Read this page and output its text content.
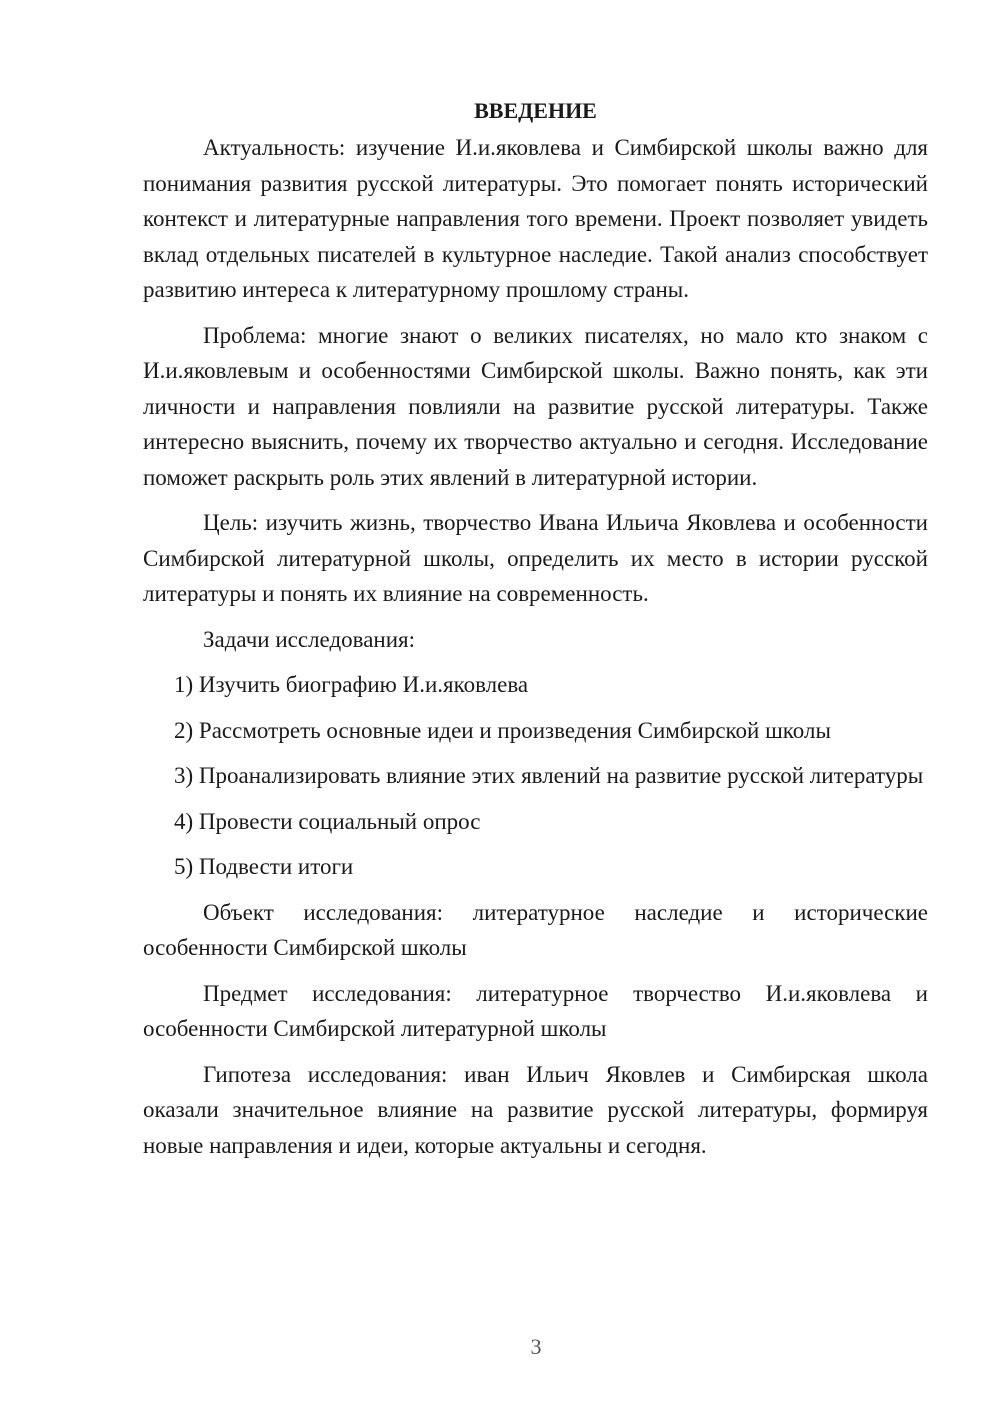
ВВЕДЕНИЕ

Актуальность: изучение И.и.яковлева и Симбирской школы важно для понимания развития русской литературы. Это помогает понять исторический контекст и литературные направления того времени. Проект позволяет увидеть вклад отдельных писателей в культурное наследие. Такой анализ способствует развитию интереса к литературному прошлому страны.

Проблема: многие знают о великих писателях, но мало кто знаком с И.и.яковлевым и особенностями Симбирской школы. Важно понять, как эти личности и направления повлияли на развитие русской литературы. Также интересно выяснить, почему их творчество актуально и сегодня. Исследование поможет раскрыть роль этих явлений в литературной истории.

Цель: изучить жизнь, творчество Ивана Ильича Яковлева и особенности Симбирской литературной школы, определить их место в истории русской литературы и понять их влияние на современность.

Задачи исследования:

1) Изучить биографию И.и.яковлева

2) Рассмотреть основные идеи и произведения Симбирской школы

3) Проанализировать влияние этих явлений на развитие русской литературы

4) Провести социальный опрос

5) Подвести итоги

Объект исследования: литературное наследие и исторические особенности Симбирской школы

Предмет исследования: литературное творчество И.и.яковлева и особенности Симбирской литературной школы

Гипотеза исследования: иван Ильич Яковлев и Симбирская школа оказали значительное влияние на развитие русской литературы, формируя новые направления и идеи, которые актуальны и сегодня.

3
